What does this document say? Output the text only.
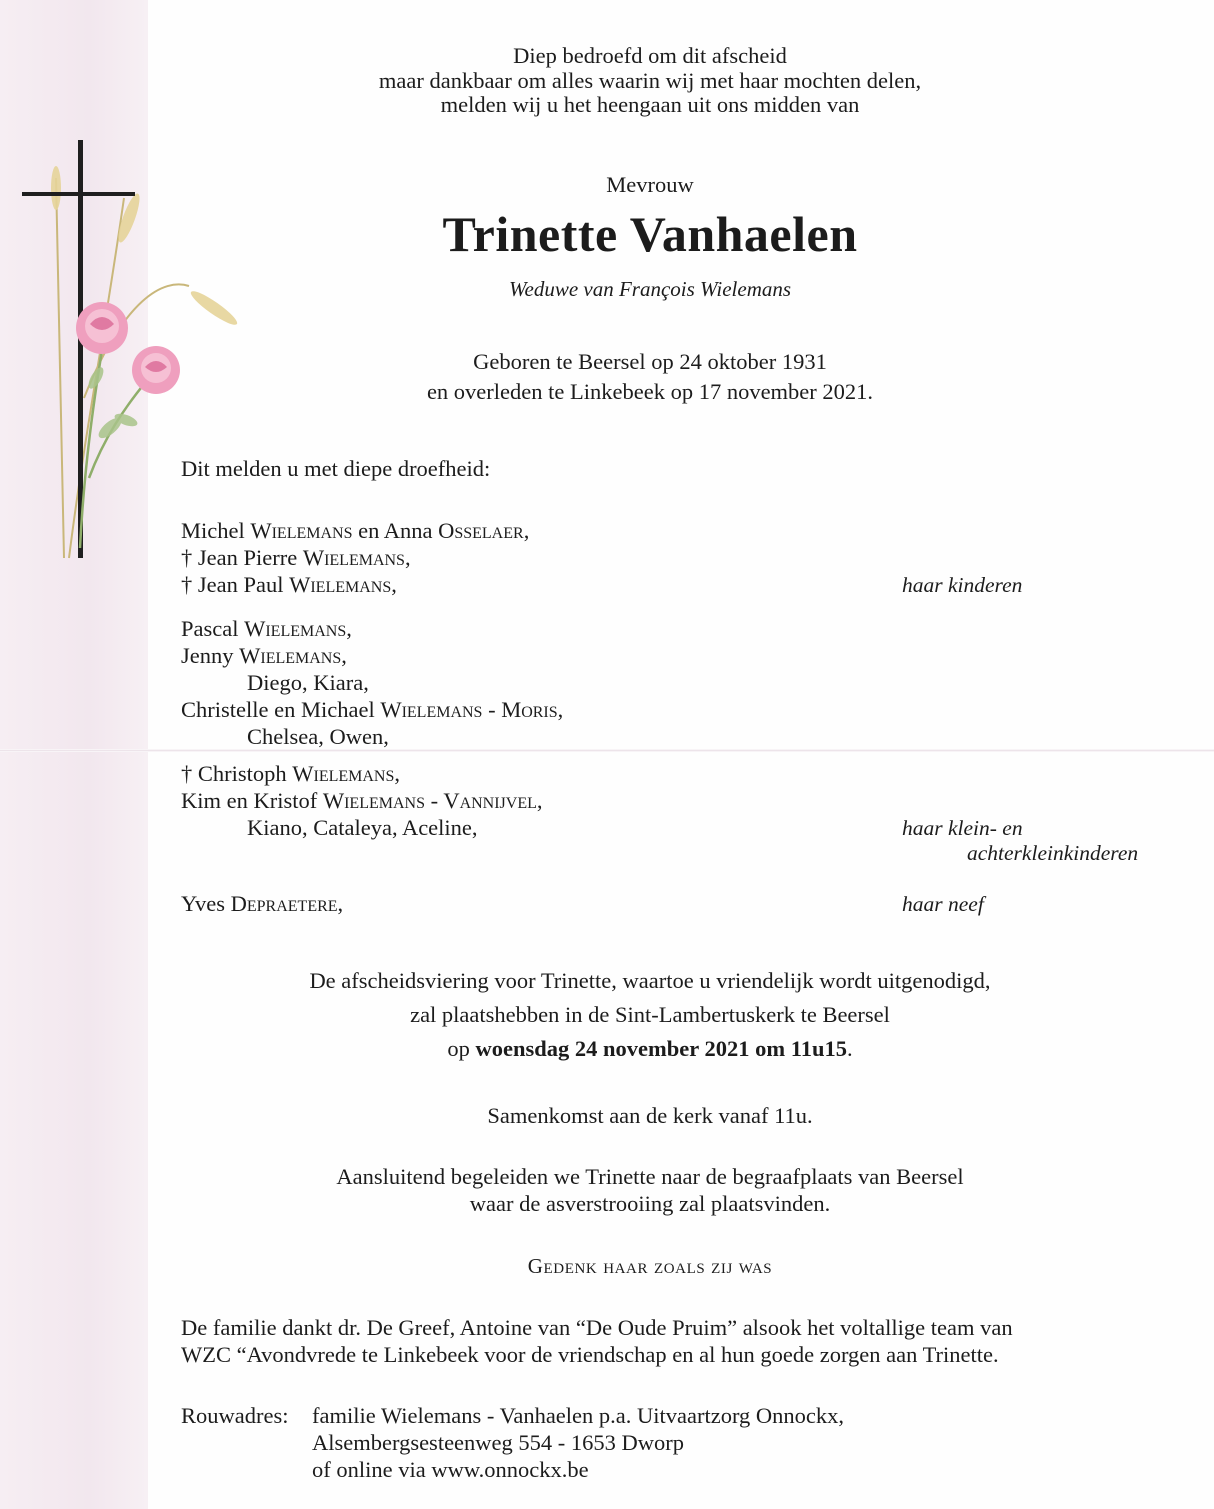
Diep bedroefd om dit afscheid
maar dankbaar om alles waarin wij met haar mochten delen,
melden wij u het heengaan uit ons midden van
Mevrouw
Trinette Vanhaelen
Weduwe van François Wielemans
Geboren te Beersel op 24 oktober 1931
en overleden te Linkebeek op 17 november 2021.
Dit melden u met diepe droefheid:
Michel Wielemans en Anna Osselaer,
† Jean Pierre Wielemans,
† Jean Paul Wielemans,	haar kinderen
Pascal Wielemans,
Jenny Wielemans,
Diego, Kiara,
Christelle en Michael Wielemans - Moris,
Chelsea, Owen,
† Christoph Wielemans,
Kim en Kristof Wielemans - Vannijvel,
Kiano, Cataleya, Aceline,	haar klein- en
achterkleinkinderen
Yves Depraetere,	haar neef
De afscheidsviering voor Trinette, waartoe u vriendelijk wordt uitgenodigd,
zal plaatshebben in de Sint-Lambertuskerk te Beersel
op woensdag 24 november 2021 om 11u15.
Samenkomst aan de kerk vanaf 11u.
Aansluitend begeleiden we Trinette naar de begraafplaats van Beersel
waar de asverstrooiing zal plaatsvinden.
Gedenk haar zoals zij was
De familie dankt dr. De Greef, Antoine van “De Oude Pruim” alsook het voltallige team van
WZC “Avondvrede te Linkebeek voor de vriendschap en al hun goede zorgen aan Trinette.
Rouwadres: familie Wielemans - Vanhaelen p.a. Uitvaartzorg Onnockx,
Alsembergsesteenweg 554 - 1653 Dworp
of online via www.onnockx.be
